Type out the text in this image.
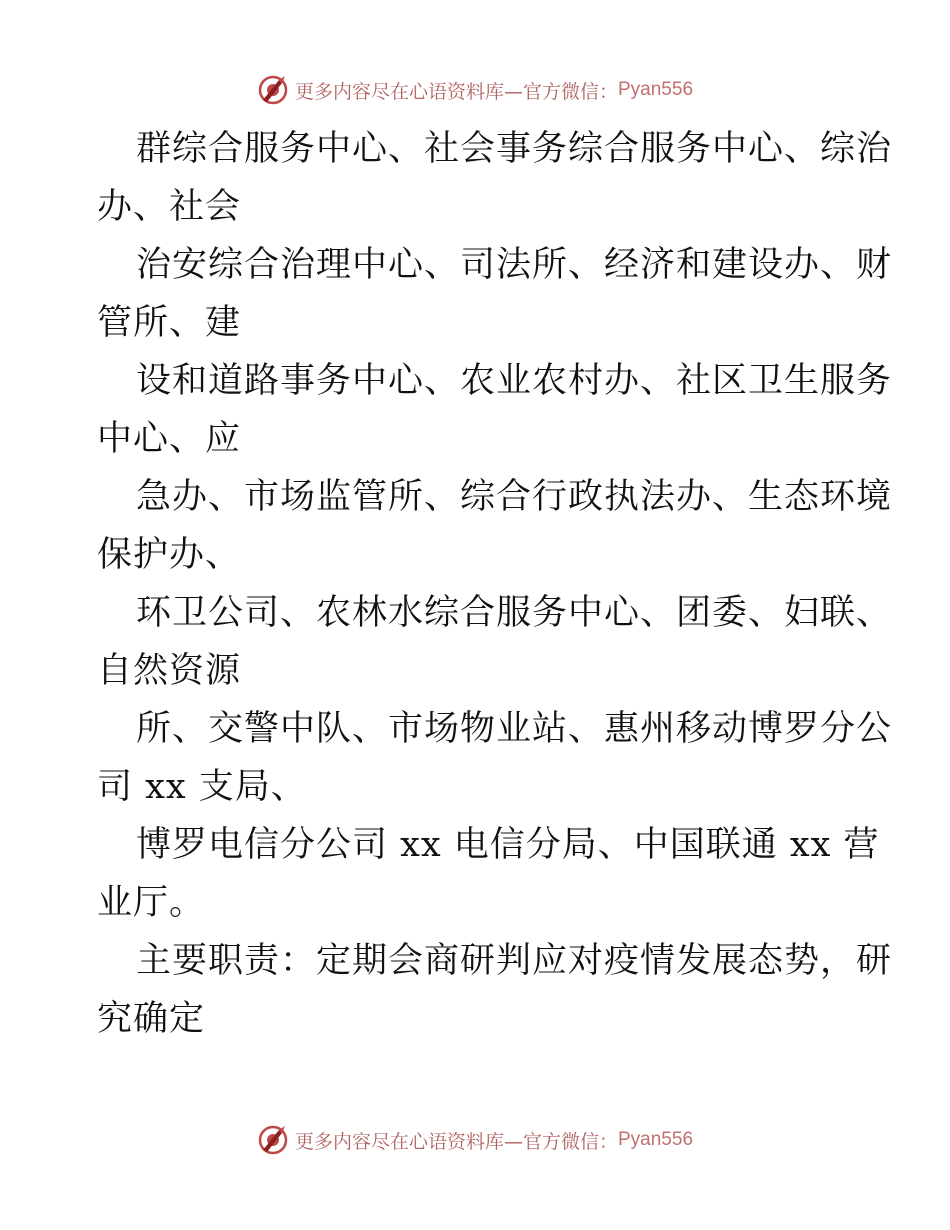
更多内容尽在心语资料库—官方微信： Pyan556
群综合服务中心、社会事务综合服务中心、综治
办、社会
治安综合治理中心、司法所、经济和建设办、财
管所、建
设和道路事务中心、农业农村办、社区卫生服务
中心、应
急办、市场监管所、综合行政执法办、生态环境
保护办、
环卫公司、农林水综合服务中心、团委、妇联、
自然资源
所、交警中队、市场物业站、惠州移动博罗分公
司 xx 支局、
博罗电信分公司 xx 电信分局、中国联通 xx 营
业厅。
主要职责：定期会商研判应对疫情发展态势，研
究确定
更多内容尽在心语资料库—官方微信： Pyan556
